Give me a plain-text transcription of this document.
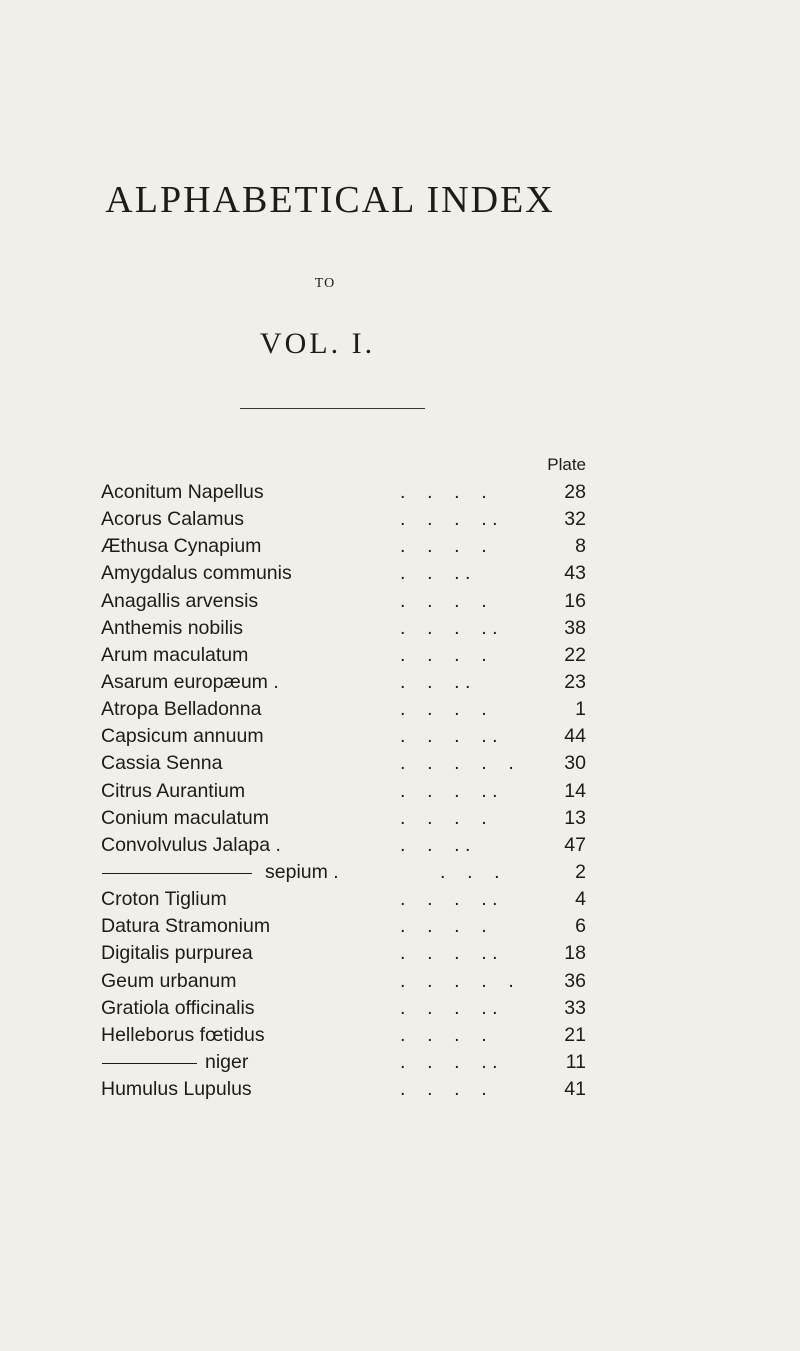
ALPHABETICAL INDEX
TO
VOL. I.
Plate
Aconitum Napellus	.    .    .    .	28
Acorus Calamus	.    .    .    . .	32
Æthusa Cynapium	.    .    .    .	8
Amygdalus communis	.    .    . .	43
Anagallis arvensis	.    .    .    .	16
Anthemis nobilis	.    .    .    . .	38
Arum maculatum	.    .    .    .	22
Asarum europæum .	.    .    . .	23
Atropa Belladonna	.    .    .    .	1
Capsicum annuum	.    .    .    . .	44
Cassia Senna	.    .    .    .    .	30
Citrus Aurantium	.    .    .    . .	14
Conium maculatum	.    .    .    .	13
Convolvulus Jalapa .	.    .    . .	47
sepium .	.    .    .	2
Croton Tiglium	.    .    .    . .	4
Datura Stramonium	.    .    .    .	6
Digitalis purpurea	.    .    .    . .	18
Geum urbanum	.    .    .    .    .	36
Gratiola officinalis	.    .    .    . .	33
Helleborus fœtidus	.    .    .    .	21
niger	.    .    .    . .	11
Humulus Lupulus	.    .    .    .	41
